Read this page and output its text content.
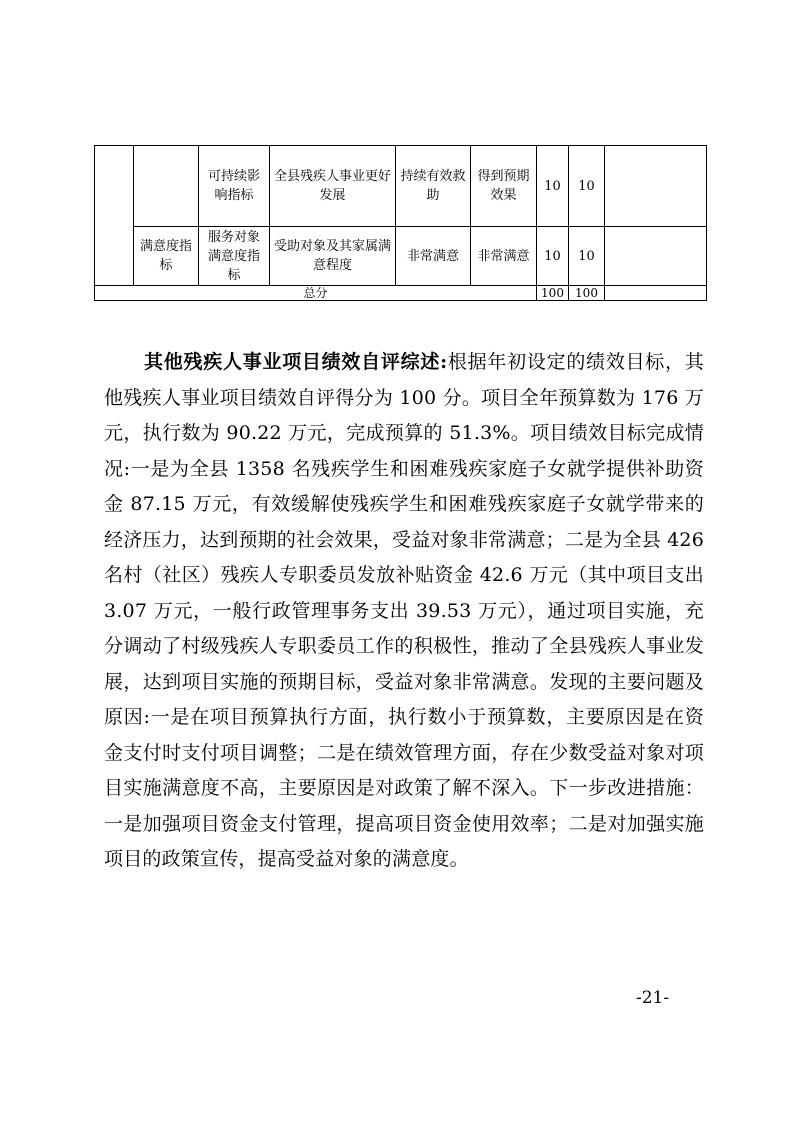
		可持续影响指标	全县残疾人事业更好发展	持续有效救助	得到预期效果	10	10	
	满意度指标	服务对象满意度指标	受助对象及其家属满意程度	非常满意	非常满意	10	10	
总分						100	100	

其他残疾人事业项目绩效自评综述:根据年初设定的绩效目标，其他残疾人事业项目绩效自评得分为 100 分。项目全年预算数为 176 万元，执行数为 90.22 万元，完成预算的 51.3%。项目绩效目标完成情况:一是为全县 1358 名残疾学生和困难残疾家庭子女就学提供补助资金 87.15 万元，有效缓解使残疾学生和困难残疾家庭子女就学带来的经济压力，达到预期的社会效果，受益对象非常满意；二是为全县 426 名村（社区）残疾人专职委员发放补贴资金 42.6 万元（其中项目支出 3.07 万元，一般行政管理事务支出 39.53 万元），通过项目实施，充分调动了村级残疾人专职委员工作的积极性，推动了全县残疾人事业发展，达到项目实施的预期目标，受益对象非常满意。发现的主要问题及原因:一是在项目预算执行方面，执行数小于预算数，主要原因是在资金支付时支付项目调整；二是在绩效管理方面，存在少数受益对象对项目实施满意度不高，主要原因是对政策了解不深入。下一步改进措施：一是加强项目资金支付管理，提高项目资金使用效率；二是对加强实施项目的政策宣传，提高受益对象的满意度。

-21-
